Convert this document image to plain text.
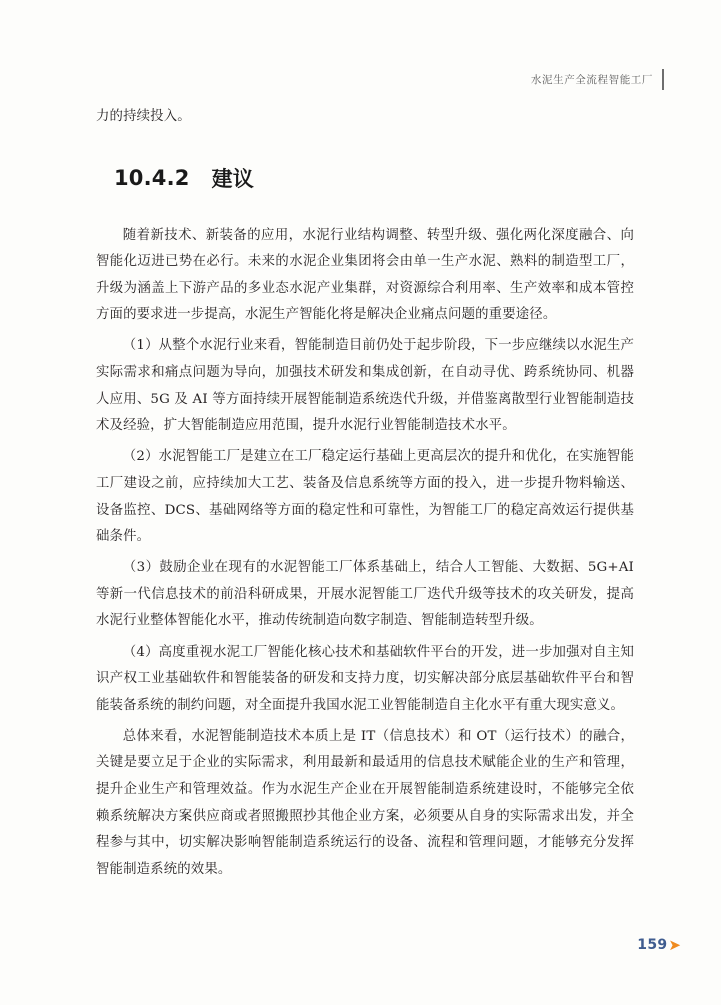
水泥生产全流程智能工厂

力的持续投入。

10.4.2 建议

随着新技术、新装备的应用，水泥行业结构调整、转型升级、强化两化深度融合、向智能化迈进已势在必行。未来的水泥企业集团将会由单一生产水泥、熟料的制造型工厂，升级为涵盖上下游产品的多业态水泥产业集群，对资源综合利用率、生产效率和成本管控方面的要求进一步提高，水泥生产智能化将是解决企业痛点问题的重要途径。

（1）从整个水泥行业来看，智能制造目前仍处于起步阶段，下一步应继续以水泥生产实际需求和痛点问题为导向，加强技术研发和集成创新，在自动寻优、跨系统协同、机器人应用、5G 及 AI 等方面持续开展智能制造系统迭代升级，并借鉴离散型行业智能制造技术及经验，扩大智能制造应用范围，提升水泥行业智能制造技术水平。

（2）水泥智能工厂是建立在工厂稳定运行基础上更高层次的提升和优化，在实施智能工厂建设之前，应持续加大工艺、装备及信息系统等方面的投入，进一步提升物料输送、设备监控、DCS、基础网络等方面的稳定性和可靠性，为智能工厂的稳定高效运行提供基础条件。

（3）鼓励企业在现有的水泥智能工厂体系基础上，结合人工智能、大数据、5G+AI等新一代信息技术的前沿科研成果，开展水泥智能工厂迭代升级等技术的攻关研发，提高水泥行业整体智能化水平，推动传统制造向数字制造、智能制造转型升级。

（4）高度重视水泥工厂智能化核心技术和基础软件平台的开发，进一步加强对自主知识产权工业基础软件和智能装备的研发和支持力度，切实解决部分底层基础软件平台和智能装备系统的制约问题，对全面提升我国水泥工业智能制造自主化水平有重大现实意义。

总体来看，水泥智能制造技术本质上是 IT（信息技术）和 OT（运行技术）的融合，关键是要立足于企业的实际需求，利用最新和最适用的信息技术赋能企业的生产和管理，提升企业生产和管理效益。作为水泥生产企业在开展智能制造系统建设时，不能够完全依赖系统解决方案供应商或者照搬照抄其他企业方案，必须要从自身的实际需求出发，并全程参与其中，切实解决影响智能制造系统运行的设备、流程和管理问题，才能够充分发挥智能制造系统的效果。

159 ➤
